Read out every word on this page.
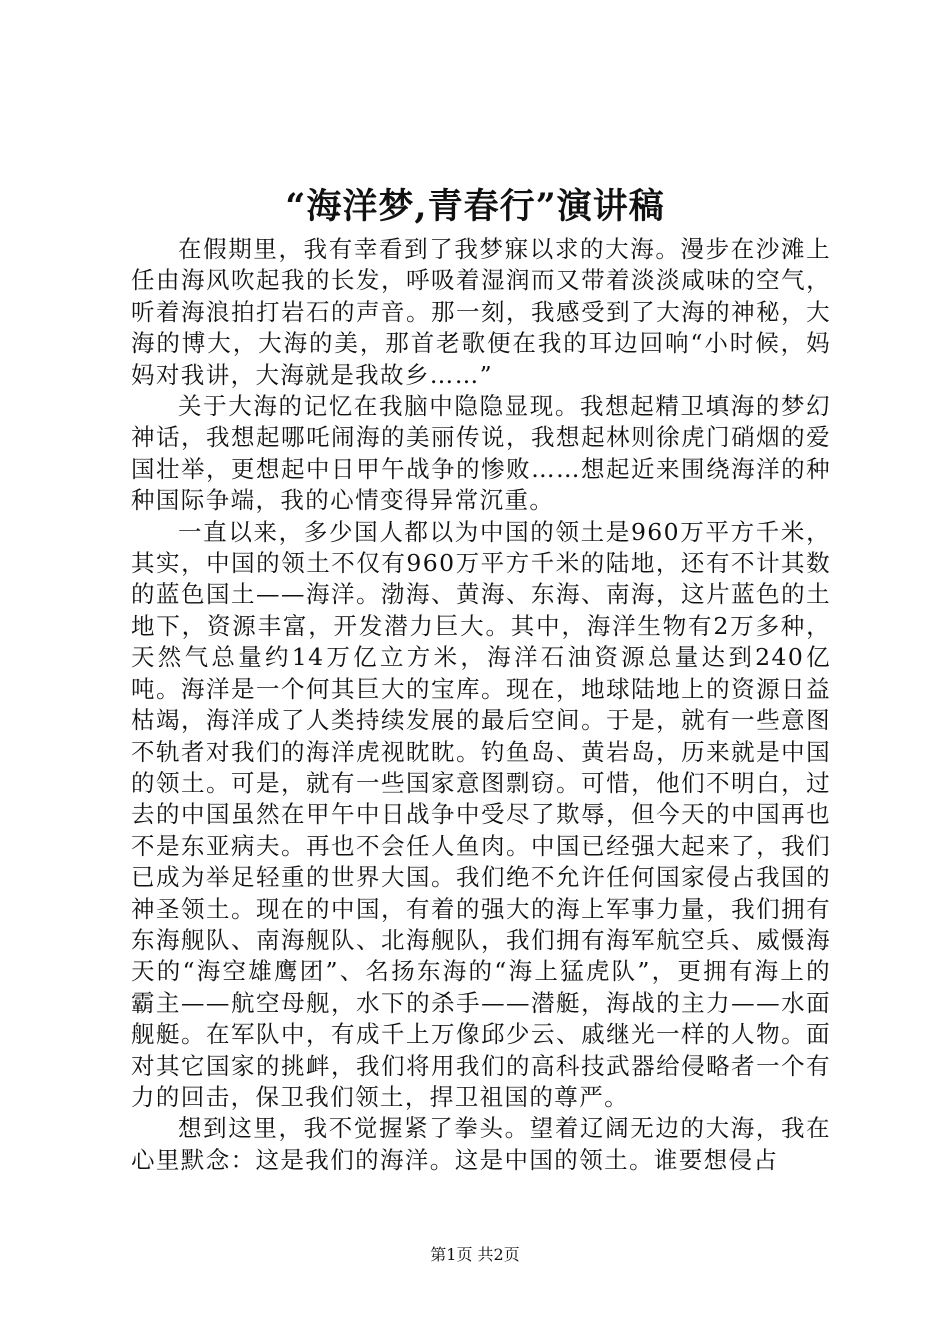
“海洋梦,青春行”演讲稿

在假期里，我有幸看到了我梦寐以求的大海。漫步在沙滩上任由海风吹起我的长发，呼吸着湿润而又带着淡淡咸味的空气，听着海浪拍打岩石的声音。那一刻，我感受到了大海的神秘，大海的博大，大海的美，那首老歌便在我的耳边回响“小时候，妈妈对我讲，大海就是我故乡……”

关于大海的记忆在我脑中隐隐显现。我想起精卫填海的梦幻神话，我想起哪吒闹海的美丽传说，我想起林则徐虎门硝烟的爱国壮举，更想起中日甲午战争的惨败……想起近来围绕海洋的种种国际争端，我的心情变得异常沉重。

一直以来，多少国人都以为中国的领土是960万平方千米，其实，中国的领土不仅有960万平方千米的陆地，还有不计其数的蓝色国土——海洋。渤海、黄海、东海、南海，这片蓝色的土地下，资源丰富，开发潜力巨大。其中，海洋生物有2万多种，天然气总量约14万亿立方米，海洋石油资源总量达到240亿吨。海洋是一个何其巨大的宝库。现在，地球陆地上的资源日益枯竭，海洋成了人类持续发展的最后空间。于是，就有一些意图不轨者对我们的海洋虎视眈眈。钓鱼岛、黄岩岛，历来就是中国的领土。可是，就有一些国家意图剽窃。可惜，他们不明白，过去的中国虽然在甲午中日战争中受尽了欺辱，但今天的中国再也不是东亚病夫。再也不会任人鱼肉。中国已经强大起来了，我们已成为举足轻重的世界大国。我们绝不允许任何国家侵占我国的神圣领土。现在的中国，有着的强大的海上军事力量，我们拥有东海舰队、南海舰队、北海舰队，我们拥有海军航空兵、威慑海天的“海空雄鹰团”、名扬东海的“海上猛虎队”，更拥有海上的霸主——航空母舰，水下的杀手——潜艇，海战的主力——水面舰艇。在军队中，有成千上万像邱少云、戚继光一样的人物。面对其它国家的挑衅，我们将用我们的高科技武器给侵略者一个有力的回击，保卫我们领土，捍卫祖国的尊严。

想到这里，我不觉握紧了拳头。望着辽阔无边的大海，我在心里默念：这是我们的海洋。这是中国的领土。谁要想侵占

第1页 共2页
